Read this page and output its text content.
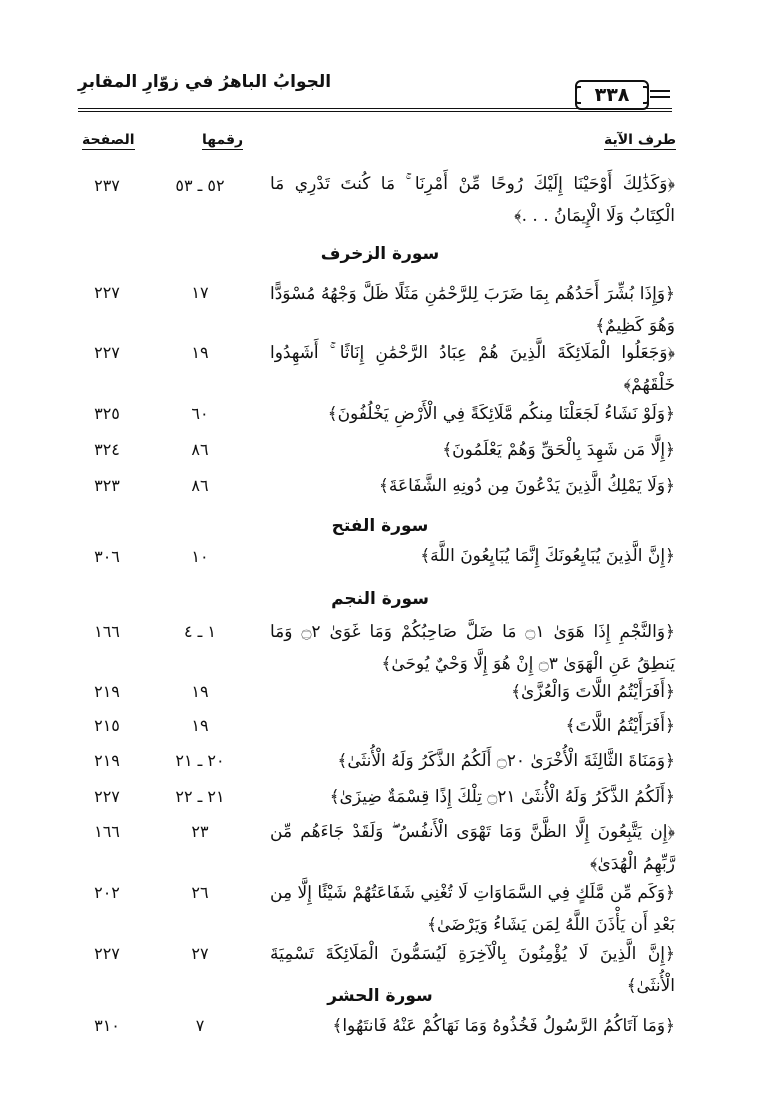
الجوابُ الباهرُ في زوّارِ المقابرِ
٣٣٨
طرف الآية
رقمها
الصفحة
﴿وَكَذَٰلِكَ أَوْحَيْنَا إِلَيْكَ رُوحًا مِّنْ أَمْرِنَا ۚ مَا كُنتَ تَدْرِي مَا الْكِتَابُ وَلَا الْإِيمَانُ . . .﴾
٥٢ ـ ٥٣
٢٣٧
سورة الزخرف
﴿وَإِذَا بُشِّرَ أَحَدُهُم بِمَا ضَرَبَ لِلرَّحْمَٰنِ مَثَلًا ظَلَّ وَجْهُهُ مُسْوَدًّا وَهُوَ كَظِيمٌ﴾
١٧
٢٢٧
﴿وَجَعَلُوا الْمَلَائِكَةَ الَّذِينَ هُمْ عِبَادُ الرَّحْمَٰنِ إِنَاثًا ۚ أَشَهِدُوا خَلْقَهُمْ﴾
١٩
٢٢٧
﴿وَلَوْ نَشَاءُ لَجَعَلْنَا مِنكُم مَّلَائِكَةً فِي الْأَرْضِ يَخْلُفُونَ﴾
٦٠
٣٢٥
﴿إِلَّا مَن شَهِدَ بِالْحَقِّ وَهُمْ يَعْلَمُونَ﴾
٨٦
٣٢٤
﴿وَلَا يَمْلِكُ الَّذِينَ يَدْعُونَ مِن دُونِهِ الشَّفَاعَةَ﴾
٨٦
٣٢٣
سورة الفتح
﴿إِنَّ الَّذِينَ يُبَايِعُونَكَ إِنَّمَا يُبَايِعُونَ اللَّهَ﴾
١٠
٣٠٦
سورة النجم
﴿وَالنَّجْمِ إِذَا هَوَىٰ ۝١ مَا ضَلَّ صَاحِبُكُمْ وَمَا غَوَىٰ ۝٢ وَمَا يَنطِقُ عَنِ الْهَوَىٰ ۝٣ إِنْ هُوَ إِلَّا وَحْيٌ يُوحَىٰ﴾
١ ـ ٤
١٦٦
﴿أَفَرَأَيْتُمُ اللَّاتَ وَالْعُزَّىٰ﴾
١٩
٢١٩
﴿أَفَرَأَيْتُمُ اللَّاتَ﴾
١٩
٢١٥
﴿وَمَنَاةَ الثَّالِثَةَ الْأُخْرَىٰ ۝٢٠ أَلَكُمُ الذَّكَرُ وَلَهُ الْأُنثَىٰ﴾
٢٠ ـ ٢١
٢١٩
﴿أَلَكُمُ الذَّكَرُ وَلَهُ الْأُنثَىٰ ۝٢١ تِلْكَ إِذًا قِسْمَةٌ ضِيزَىٰ﴾
٢١ ـ ٢٢
٢٢٧
﴿إِن يَتَّبِعُونَ إِلَّا الظَّنَّ وَمَا تَهْوَى الْأَنفُسُ ۖ وَلَقَدْ جَاءَهُم مِّن رَّبِّهِمُ الْهُدَىٰ﴾
٢٣
١٦٦
﴿وَكَم مِّن مَّلَكٍ فِي السَّمَاوَاتِ لَا تُغْنِي شَفَاعَتُهُمْ شَيْئًا إِلَّا مِن بَعْدِ أَن يَأْذَنَ اللَّهُ لِمَن يَشَاءُ وَيَرْضَىٰ﴾
٢٦
٢٠٢
﴿إِنَّ الَّذِينَ لَا يُؤْمِنُونَ بِالْآخِرَةِ لَيُسَمُّونَ الْمَلَائِكَةَ تَسْمِيَةَ الْأُنثَىٰ﴾
٢٧
٢٢٧
سورة الحشر
﴿وَمَا آتَاكُمُ الرَّسُولُ فَخُذُوهُ وَمَا نَهَاكُمْ عَنْهُ فَانتَهُوا﴾
٧
٣١٠
